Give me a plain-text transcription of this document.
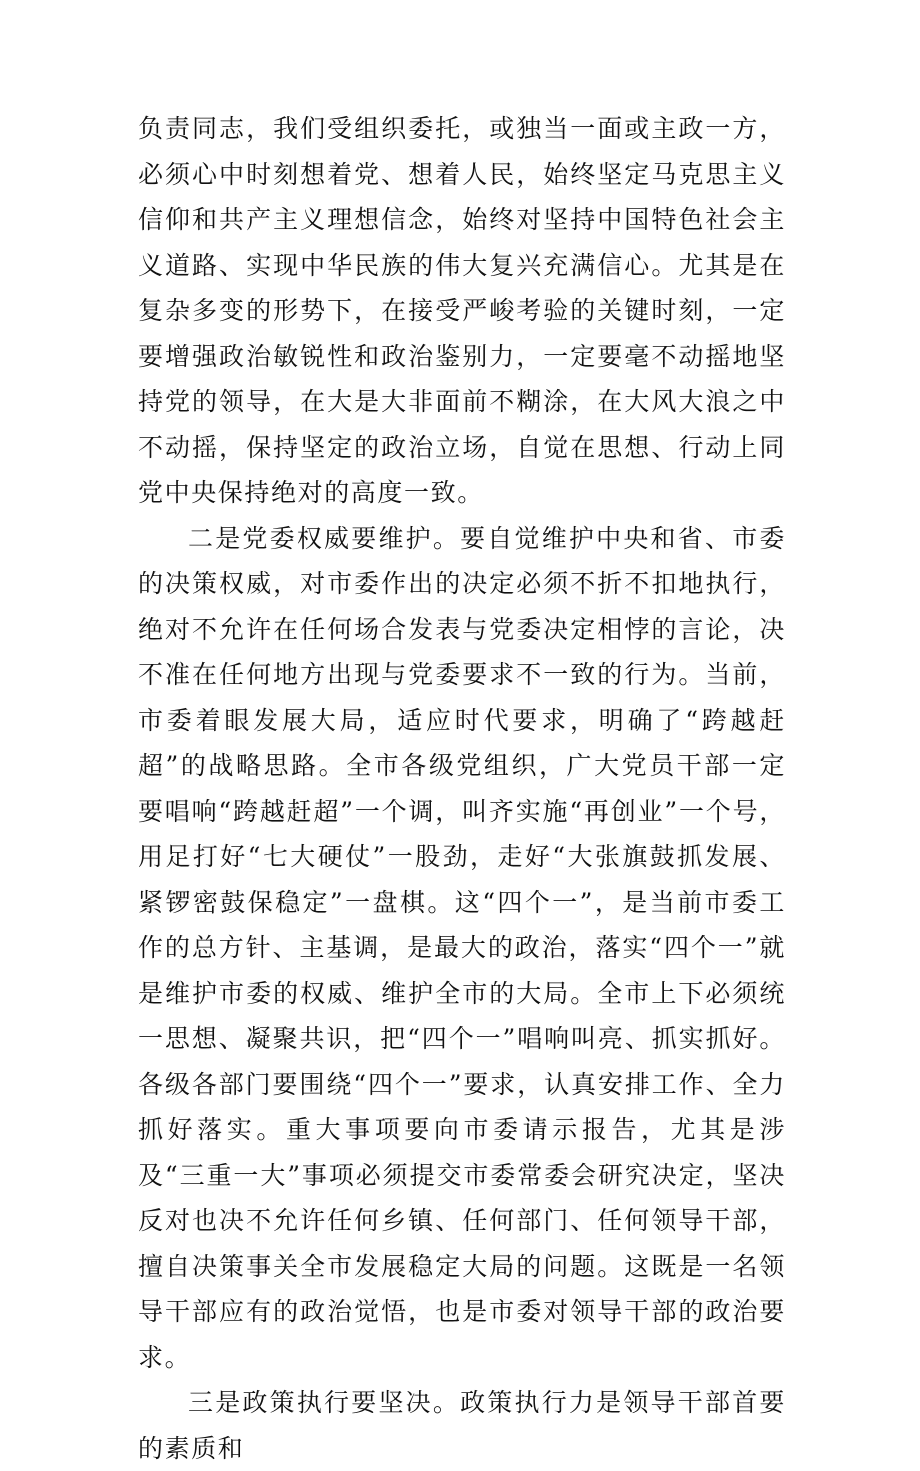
负责同志，我们受组织委托，或独当一面或主政一方，必须心中时刻想着党、想着人民，始终坚定马克思主义信仰和共产主义理想信念，始终对坚持中国特色社会主义道路、实现中华民族的伟大复兴充满信心。尤其是在复杂多变的形势下，在接受严峻考验的关键时刻，一定要增强政治敏锐性和政治鉴别力，一定要毫不动摇地坚持党的领导，在大是大非面前不糊涂，在大风大浪之中不动摇，保持坚定的政治立场，自觉在思想、行动上同党中央保持绝对的高度一致。

二是党委权威要维护。要自觉维护中央和省、市委的决策权威，对市委作出的决定必须不折不扣地执行，绝对不允许在任何场合发表与党委决定相悖的言论，决不准在任何地方出现与党委要求不一致的行为。当前，市委着眼发展大局，适应时代要求，明确了“跨越赶超”的战略思路。全市各级党组织，广大党员干部一定要唱响“跨越赶超”一个调，叫齐实施“再创业”一个号，用足打好“七大硬仗”一股劲，走好“大张旗鼓抓发展、紧锣密鼓保稳定”一盘棋。这“四个一”，是当前市委工作的总方针、主基调，是最大的政治，落实“四个一”就是维护市委的权威、维护全市的大局。全市上下必须统一思想、凝聚共识，把“四个一”唱响叫亮、抓实抓好。各级各部门要围绕“四个一”要求，认真安排工作、全力抓好落实。重大事项要向市委请示报告，尤其是涉及“三重一大”事项必须提交市委常委会研究决定，坚决反对也决不允许任何乡镇、任何部门、任何领导干部，擅自决策事关全市发展稳定大局的问题。这既是一名领导干部应有的政治觉悟，也是市委对领导干部的政治要求。

三是政策执行要坚决。政策执行力是领导干部首要的素质和
